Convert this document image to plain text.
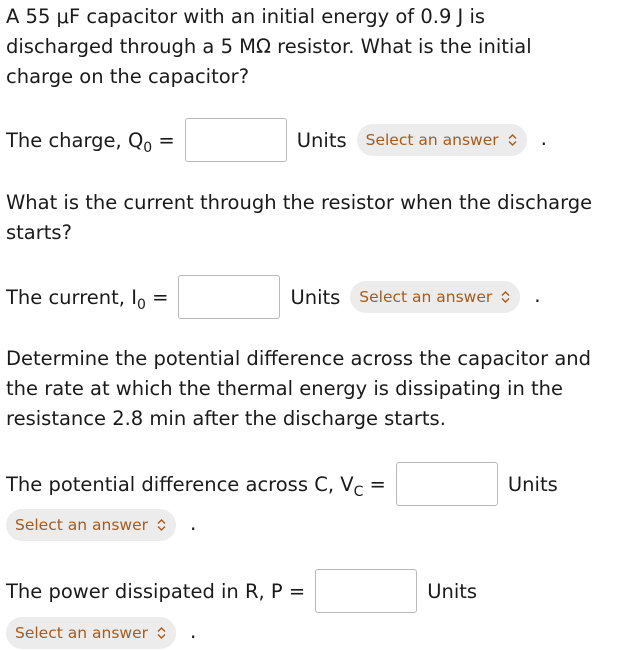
A 55 μF capacitor with an initial energy of 0.9 J is
discharged through a 5 MΩ resistor. What is the initial
charge on the capacitor?

The charge, $Q_0$ =	Units Select an answer .

What is the current through the resistor when the discharge
starts?

The current, $I_0$ =	Units Select an answer .

Determine the potential difference across the capacitor and
the rate at which the thermal energy is dissipating in the
resistance 2.8 min after the discharge starts.

The potential difference across C, $V_C$ =	Units
Select an answer .
The power dissipated in R, P =	Units
Select an answer .
